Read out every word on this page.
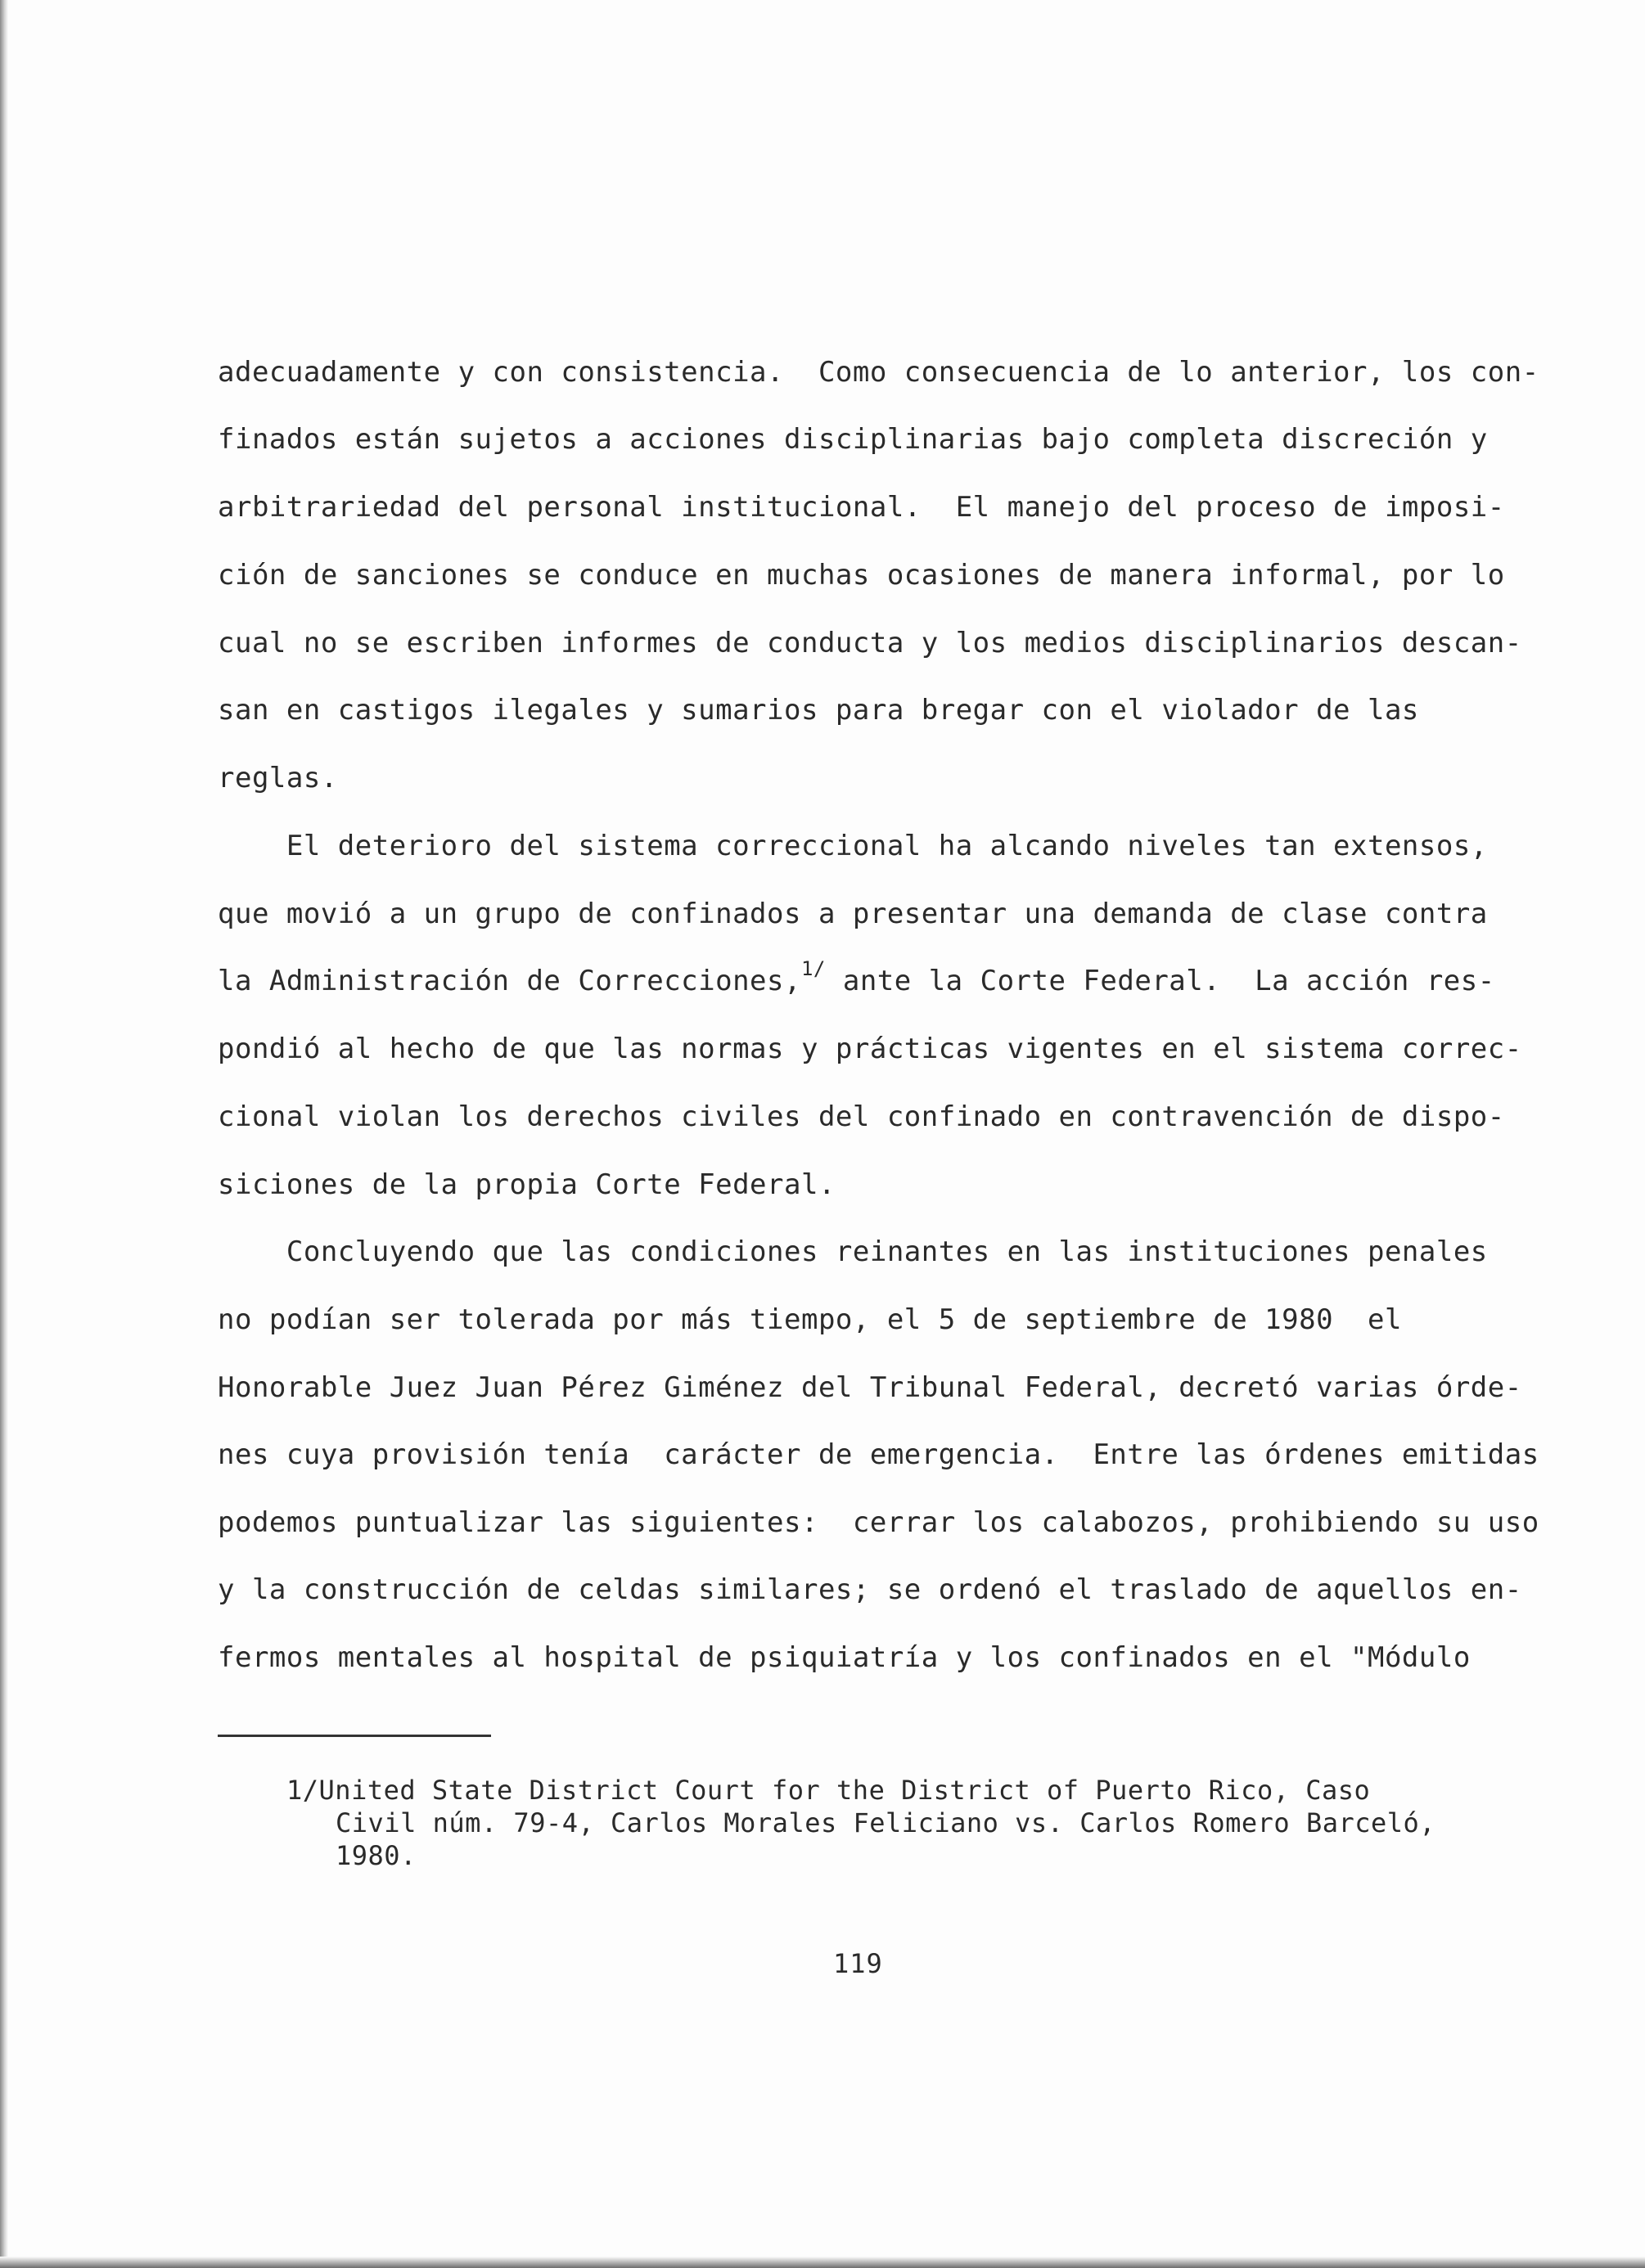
adecuadamente y con consistencia.  Como consecuencia de lo anterior, los con-
finados están sujetos a acciones disciplinarias bajo completa discreción y
arbitrariedad del personal institucional.  El manejo del proceso de imposi-
ción de sanciones se conduce en muchas ocasiones de manera informal, por lo
cual no se escriben informes de conducta y los medios disciplinarios descan-
san en castigos ilegales y sumarios para bregar con el violador de las
reglas.
El deterioro del sistema correccional ha alcando niveles tan extensos,
que movió a un grupo de confinados a presentar una demanda de clase contra
la Administración de Correcciones,$^{1/}$ ante la Corte Federal.  La acción res-
pondió al hecho de que las normas y prácticas vigentes en el sistema correc-
cional violan los derechos civiles del confinado en contravención de dispo-
siciones de la propia Corte Federal.
Concluyendo que las condiciones reinantes en las instituciones penales
no podían ser tolerada por más tiempo, el 5 de septiembre de 1980  el
Honorable Juez Juan Pérez Giménez del Tribunal Federal, decretó varias órde-
nes cuya provisión tenía  carácter de emergencia.  Entre las órdenes emitidas
podemos puntualizar las siguientes:  cerrar los calabozos, prohibiendo su uso
y la construcción de celdas similares; se ordenó el traslado de aquellos en-
fermos mentales al hospital de psiquiatría y los confinados en el "Módulo
1/United State District Court for the District of Puerto Rico, Caso
Civil núm. 79-4, Carlos Morales Feliciano vs. Carlos Romero Barceló,
1980.
119
